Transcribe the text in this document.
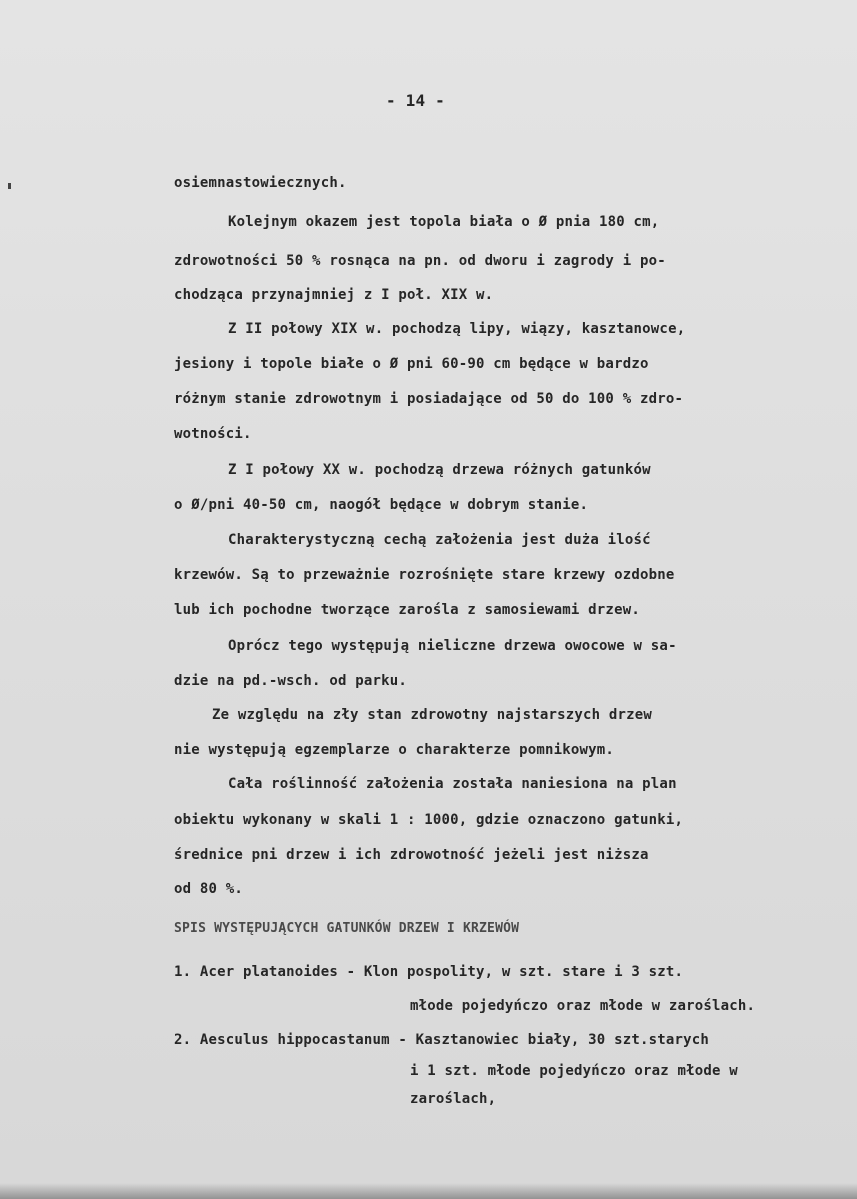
- 14 -
osiemnastowiecznych.
Kolejnym okazem jest topola biała o Ø pnia 180 cm,
zdrowotności 50 % rosnąca na pn. od dworu i zagrody i po-
chodząca przynajmniej z I poł. XIX w.
Z II połowy XIX w. pochodzą lipy, wiązy, kasztanowce,
jesiony i topole białe o Ø pni 60-90 cm będące w bardzo
różnym stanie zdrowotnym i posiadające od 50 do 100 % zdro-
wotności.
Z I połowy XX w. pochodzą drzewa różnych gatunków
o Ø/pni 40-50 cm, naogół będące w dobrym stanie.
Charakterystyczną cechą założenia jest duża ilość
krzewów. Są to przeważnie rozrośnięte stare krzewy ozdobne
lub ich pochodne tworzące zarośla z samosiewami drzew.
Oprócz tego występują nieliczne drzewa owocowe w sa-
dzie na pd.-wsch. od parku.
Ze względu na zły stan zdrowotny najstarszych drzew
nie występują egzemplarze o charakterze pomnikowym.
Cała roślinność założenia została naniesiona na plan
obiektu wykonany w skali 1 : 1000, gdzie oznaczono gatunki,
średnice pni drzew i ich zdrowotność jeżeli jest niższa
od 80 %.
SPIS WYSTĘPUJĄCYCH GATUNKÓW DRZEW I KRZEWÓW
1. Acer platanoides - Klon pospolity, w szt. stare i 3 szt.
młode pojedyńczo oraz młode w zaroślach.
2. Aesculus hippocastanum - Kasztanowiec biały, 30 szt.starych
i 1 szt. młode pojedyńczo oraz młode w
zaroślach,
